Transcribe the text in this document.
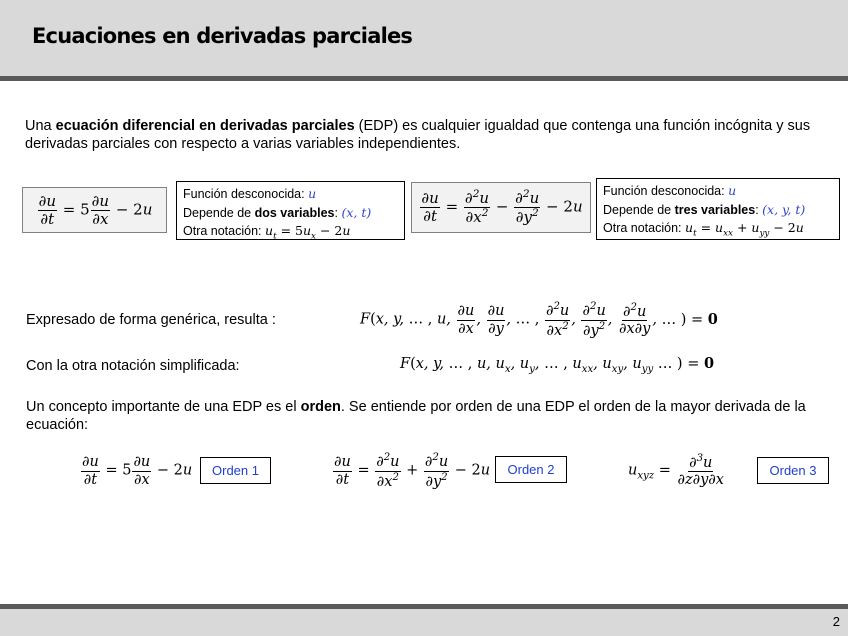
Ecuaciones en derivadas parciales
Una ecuación diferencial en derivadas parciales (EDP) es cualquier igualdad que contenga una función incógnita y sus derivadas parciales con respecto a varias variables independientes.
$\frac{\partial u}{\partial t} = 5 \frac{\partial u}{\partial x} - 2u$
Función desconocida: u
Depende de dos variables: (x, t)
Otra notación: $u_t = 5u_x - 2u$
$\frac{\partial u}{\partial t} = \frac{\partial^2u}{\partial x^2} - \frac{\partial^2u}{\partial y^2} - 2u$
Función desconocida: u
Depende de tres variables: (x, y, t)
Otra notación: $u_t = u_{xx} + u_{yy} - 2u$
Expresado de forma genérica, resulta :	F(x, y, … , u, $\frac{\partial u}{\partial x}$ , $\frac{\partial u}{\partial y}$ , … , $\frac{\partial^2u}{\partial x^2}$ , $\frac{\partial^2u}{\partial y^2}$ , $\frac{\partial^2u}{\partial x\partial y}$ , … ) = 0
Con la otra notación simplificada:	F(x, y, … , u, $u_x$, $u_y$, … , $u_{xx}$, $u_{xy}$, $u_{yy}$ … ) = 0
Un concepto importante de una EDP es el orden. Se entiende por orden de una EDP el orden de la mayor derivada de la ecuación:
$\frac{\partial u}{\partial t} = 5 \frac{\partial u}{\partial x} - 2u$	Orden 1	$\frac{\partial u}{\partial t} = \frac{\partial^2u}{\partial x^2} + \frac{\partial^2u}{\partial y^2} - 2u$	Orden 2	$u_{xyz} = \frac{\partial^3u}{\partial z\partial y\partial x}$	Orden 3
2
